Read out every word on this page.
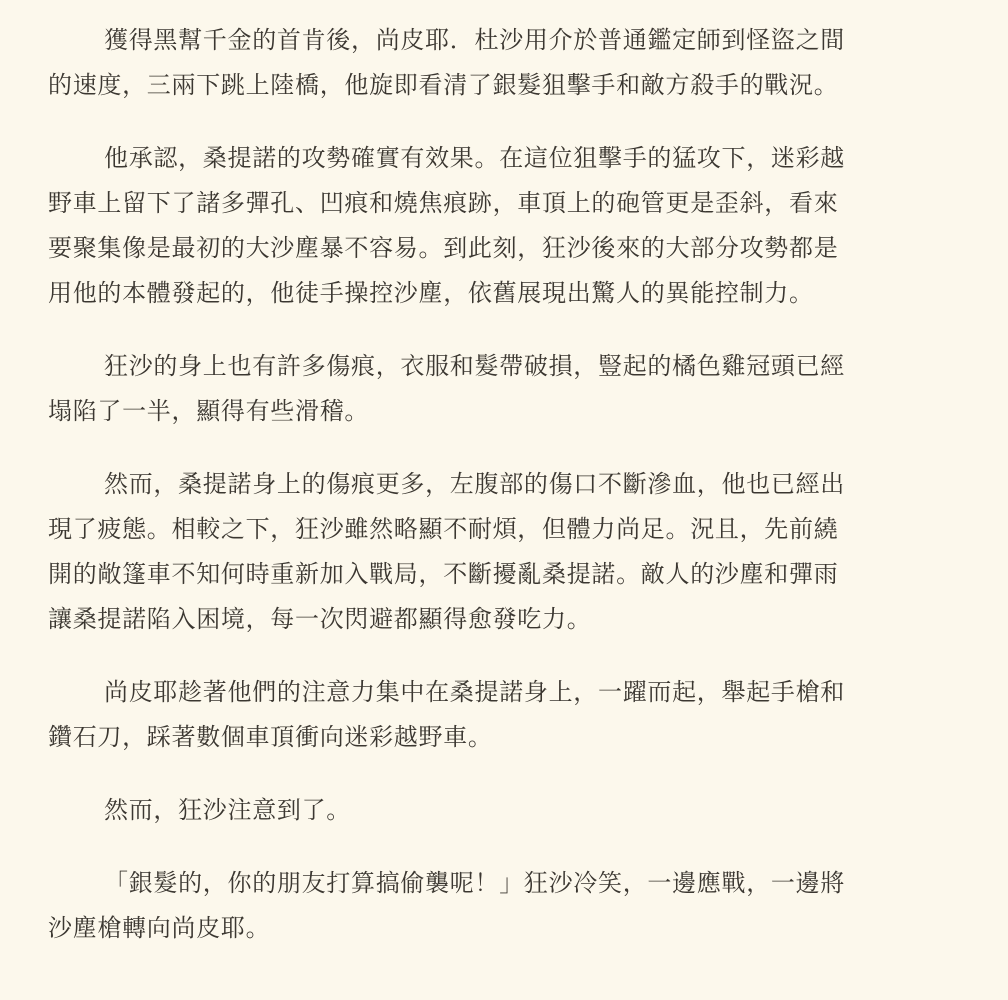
獲得黑幫千金的首肯後，尚皮耶．杜沙用介於普通鑑定師到怪盜之間
的速度，三兩下跳上陸橋，他旋即看清了銀髮狙擊手和敵方殺手的戰況。

他承認，桑提諾的攻勢確實有效果。在這位狙擊手的猛攻下，迷彩越
野車上留下了諸多彈孔、凹痕和燒焦痕跡，車頂上的砲管更是歪斜，看來
要聚集像是最初的大沙塵暴不容易。到此刻，狂沙後來的大部分攻勢都是
用他的本體發起的，他徒手操控沙塵，依舊展現出驚人的異能控制力。

狂沙的身上也有許多傷痕，衣服和髮帶破損，豎起的橘色雞冠頭已經
塌陷了一半，顯得有些滑稽。

然而，桑提諾身上的傷痕更多，左腹部的傷口不斷滲血，他也已經出
現了疲態。相較之下，狂沙雖然略顯不耐煩，但體力尚足。況且，先前繞
開的敞篷車不知何時重新加入戰局，不斷擾亂桑提諾。敵人的沙塵和彈雨
讓桑提諾陷入困境，每一次閃避都顯得愈發吃力。

尚皮耶趁著他們的注意力集中在桑提諾身上，一躍而起，舉起手槍和
鑽石刀，踩著數個車頂衝向迷彩越野車。

然而，狂沙注意到了。

「銀髮的，你的朋友打算搞偷襲呢！」狂沙冷笑，一邊應戰，一邊將
沙塵槍轉向尚皮耶。
